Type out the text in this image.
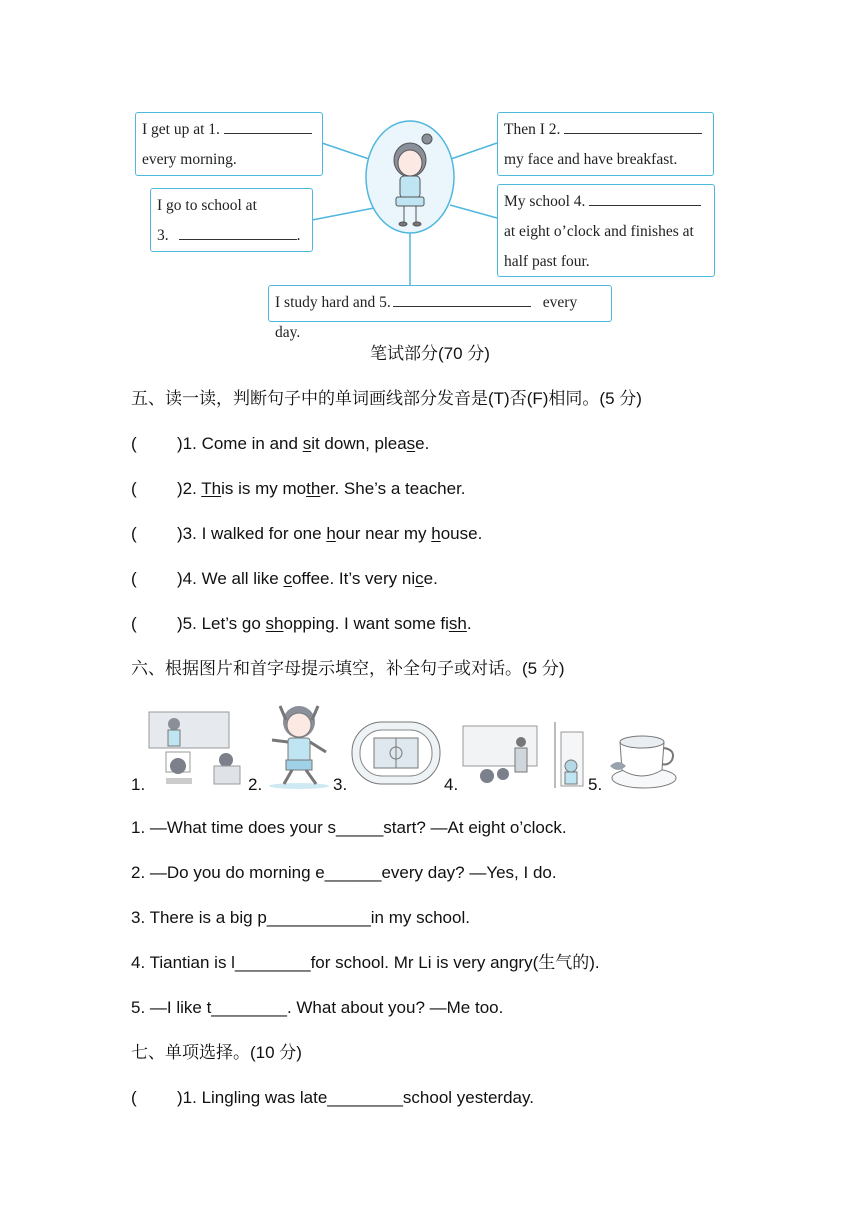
I get up at 1.
every morning.
Then I 2.
my face and have breakfast.
I go to school at
3.	.
My school 4.
at eight o’clock and finishes at
half past four.
I study hard and 5.	every day.
笔试部分(70 分)
五、读一读，判断句子中的单词画线部分发音是(T)否(F)相同。(5 分)
( )1. Come in and sit down, please.
( )2. This is my mother. She’s a teacher.
( )3. I walked for one hour near my house.
( )4. We all like coffee. It’s very nice.
( )5. Let’s go shopping. I want some fish.
六、根据图片和首字母提示填空，补全句子或对话。(5 分)
1.	2.	3.	4.	5.
1. —What time does your s_____start? —At eight o’clock.
2. —Do you do morning e______every day? —Yes, I do.
3. There is a big p___________in my school.
4. Tiantian is l________for school. Mr Li is very angry(生气的).
5. —I like t________. What about you? —Me too.
七、单项选择。(10 分)
( )1. Lingling was late________school yesterday.
